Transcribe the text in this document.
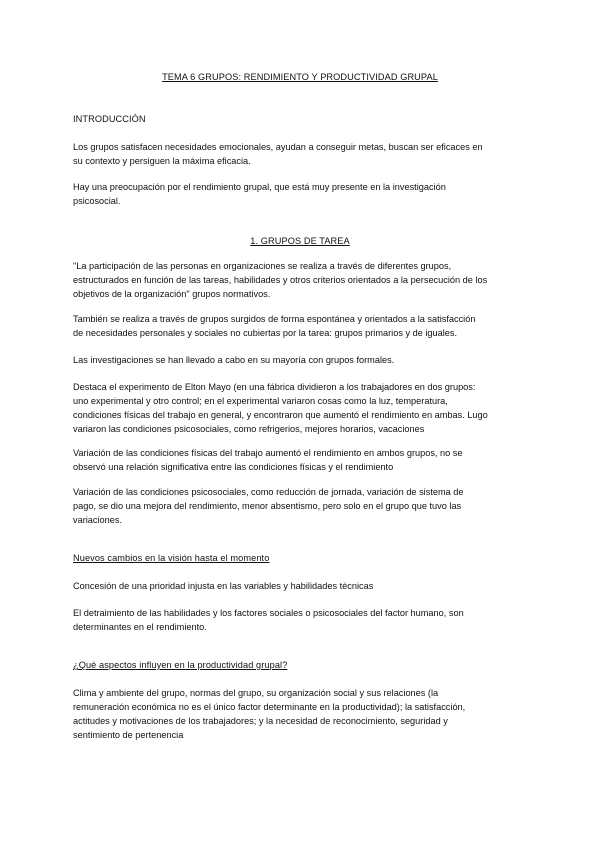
TEMA 6 GRUPOS: RENDIMIENTO Y PRODUCTIVIDAD GRUPAL
INTRODUCCIÓN
Los grupos satisfacen necesidades emocionales, ayudan a conseguir metas, buscan ser eficaces en
su contexto y persiguen la máxima eficacia.
Hay una preocupación por el rendimiento grupal, que está muy presente en la investigación
psicosocial.
1. GRUPOS DE TAREA
"La participación de las personas en organizaciones se realiza a través de diferentes grupos,
estructurados en función de las tareas, habilidades y otros criterios orientados a la persecución de los
objetivos de la organización" grupos normativos.
También se realiza a través de grupos surgidos de forma espontánea y orientados a la satisfacción
de necesidades personales y sociales no cubiertas por la tarea: grupos primarios y de iguales.
Las investigaciones se han llevado a cabo en su mayoría con grupos formales.
Destaca el experimento de Elton Mayo (en una fábrica dividieron a los trabajadores en dos grupos:
uno experimental y otro control; en el experimental variaron cosas como la luz, temperatura,
condiciones físicas del trabajo en general, y encontraron que aumentó el rendimiento en ambas. Lugo
variaron las condiciones psicosociales, como refrigerios, mejores horarios, vacaciones
Variación de las condiciones físicas del trabajo aumentó el rendimiento en ambos grupos, no se
observó una relación significativa entre las condiciones físicas y el rendimiento
Variación de las condiciones psicosociales, como reducción de jornada, variación de sistema de
pago, se dio una mejora del rendimiento, menor absentismo, pero solo en el grupo que tuvo las
variaciones.
Nuevos cambios en la visión hasta el momento
Concesión de una prioridad injusta en las variables y habilidades técnicas
El detraimiento de las habilidades y los factores sociales o psicosociales del factor humano, son
determinantes en el rendimiento.
¿Qué aspectos influyen en la productividad grupal?
Clima y ambiente del grupo, normas del grupo, su organización social y sus relaciones (la
remuneración económica no es el único factor determinante en la productividad); la satisfacción,
actitudes y motivaciones de los trabajadores; y la necesidad de reconocimiento, seguridad y
sentimiento de pertenencia
